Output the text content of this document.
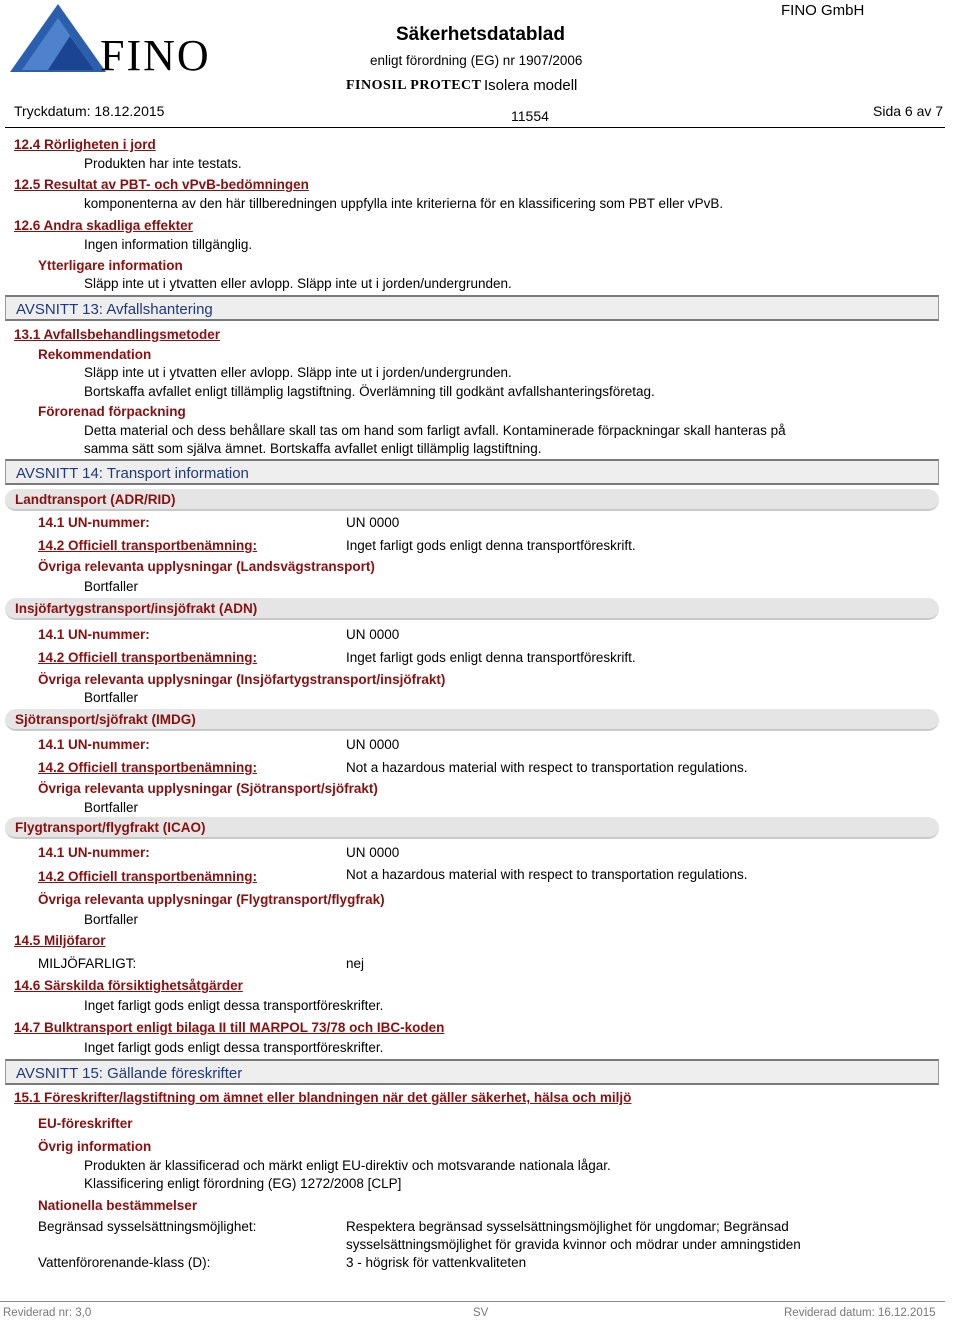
FINO
FINO GmbH
Säkerhetsdatablad
enligt förordning (EG) nr 1907/2006
FINOSIL PROTECT Isolera modell
Tryckdatum: 18.12.2015	11554	Sida 6 av 7
12.4 Rörligheten i jord
Produkten har inte testats.
12.5 Resultat av PBT- och vPvB-bedömningen
komponenterna av den här tillberedningen uppfylla inte kriterierna för en klassificering som PBT eller vPvB.
12.6 Andra skadliga effekter
Ingen information tillgänglig.
Ytterligare information
Släpp inte ut i ytvatten eller avlopp. Släpp inte ut i jorden/undergrunden.
AVSNITT 13: Avfallshantering
13.1 Avfallsbehandlingsmetoder
Rekommendation
Släpp inte ut i ytvatten eller avlopp. Släpp inte ut i jorden/undergrunden.
Bortskaffa avfallet enligt tillämplig lagstiftning. Överlämning till godkänt avfallshanteringsföretag.
Förorenad förpackning
Detta material och dess behållare skall tas om hand som farligt avfall. Kontaminerade förpackningar skall hanteras på
samma sätt som själva ämnet. Bortskaffa avfallet enligt tillämplig lagstiftning.
AVSNITT 14: Transport information
Landtransport (ADR/RID)
14.1 UN-nummer:	UN 0000
14.2 Officiell transportbenämning:	Inget farligt gods enligt denna transportföreskrift.
Övriga relevanta upplysningar (Landsvägstransport)
Bortfaller
Insjöfartygstransport/insjöfrakt (ADN)
14.1 UN-nummer:	UN 0000
14.2 Officiell transportbenämning:	Inget farligt gods enligt denna transportföreskrift.
Övriga relevanta upplysningar (Insjöfartygstransport/insjöfrakt)
Bortfaller
Sjötransport/sjöfrakt (IMDG)
14.1 UN-nummer:	UN 0000
14.2 Officiell transportbenämning:	Not a hazardous material with respect to transportation regulations.
Övriga relevanta upplysningar (Sjötransport/sjöfrakt)
Bortfaller
Flygtransport/flygfrakt (ICAO)
14.1 UN-nummer:	UN 0000
14.2 Officiell transportbenämning:	Not a hazardous material with respect to transportation regulations.
Övriga relevanta upplysningar (Flygtransport/flygfrak)
Bortfaller
14.5 Miljöfaror
MILJÖFARLIGT:	nej
14.6 Särskilda försiktighetsåtgärder
Inget farligt gods enligt dessa transportföreskrifter.
14.7 Bulktransport enligt bilaga II till MARPOL 73/78 och IBC-koden
Inget farligt gods enligt dessa transportföreskrifter.
AVSNITT 15: Gällande föreskrifter
15.1 Föreskrifter/lagstiftning om ämnet eller blandningen när det gäller säkerhet, hälsa och miljö
EU-föreskrifter
Övrig information
Produkten är klassificerad och märkt enligt EU-direktiv och motsvarande nationala lågar.
Klassificering enligt förordning (EG) 1272/2008 [CLP]
Nationella bestämmelser
Begränsad sysselsättningsmöjlighet:	Respektera begränsad sysselsättningsmöjlighet för ungdomar; Begränsad
sysselsättningsmöjlighet för gravida kvinnor och mödrar under amningstiden
Vattenförorenande-klass (D):	3 - högrisk för vattenkvaliteten
Reviderad nr: 3,0	SV	Reviderad datum: 16.12.2015
